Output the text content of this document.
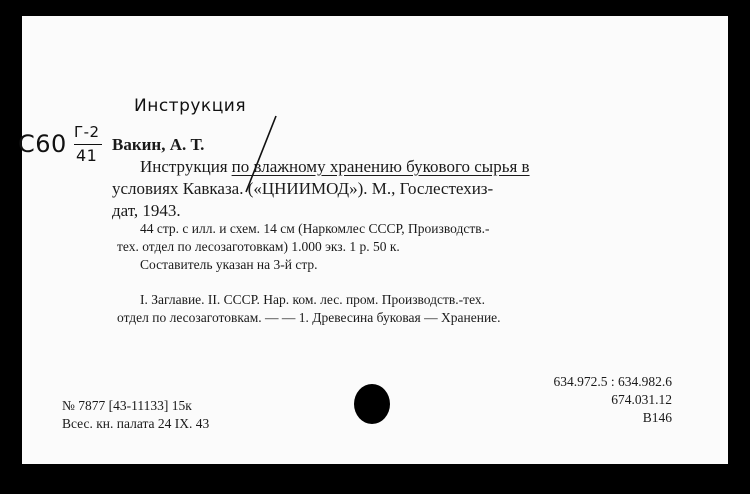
Инструкция
С60 Г-2
41
Вакин, А. Т.
Инструкция по влажному хранению букового сырья в
условиях Кавказа. («ЦНИИМОД»). М., Гослестехиз-
дат, 1943.
44 стр. с илл. и схем. 14 см (Наркомлес СССР, Производств.-
тех. отдел по лесозаготовкам) 1.000 экз. 1 р. 50 к.
Составитель указан на 3-й стр.
I. Заглавие. II. СССР. Нар. ком. лес. пром. Производств.-тех.
отдел по лесозаготовкам. — — 1. Древесина буковая — Хранение.
№ 7877 [43-11133] 15к
Всес. кн. палата 24 IX. 43
634.972.5 : 634.982.6
674.031.12
В146
